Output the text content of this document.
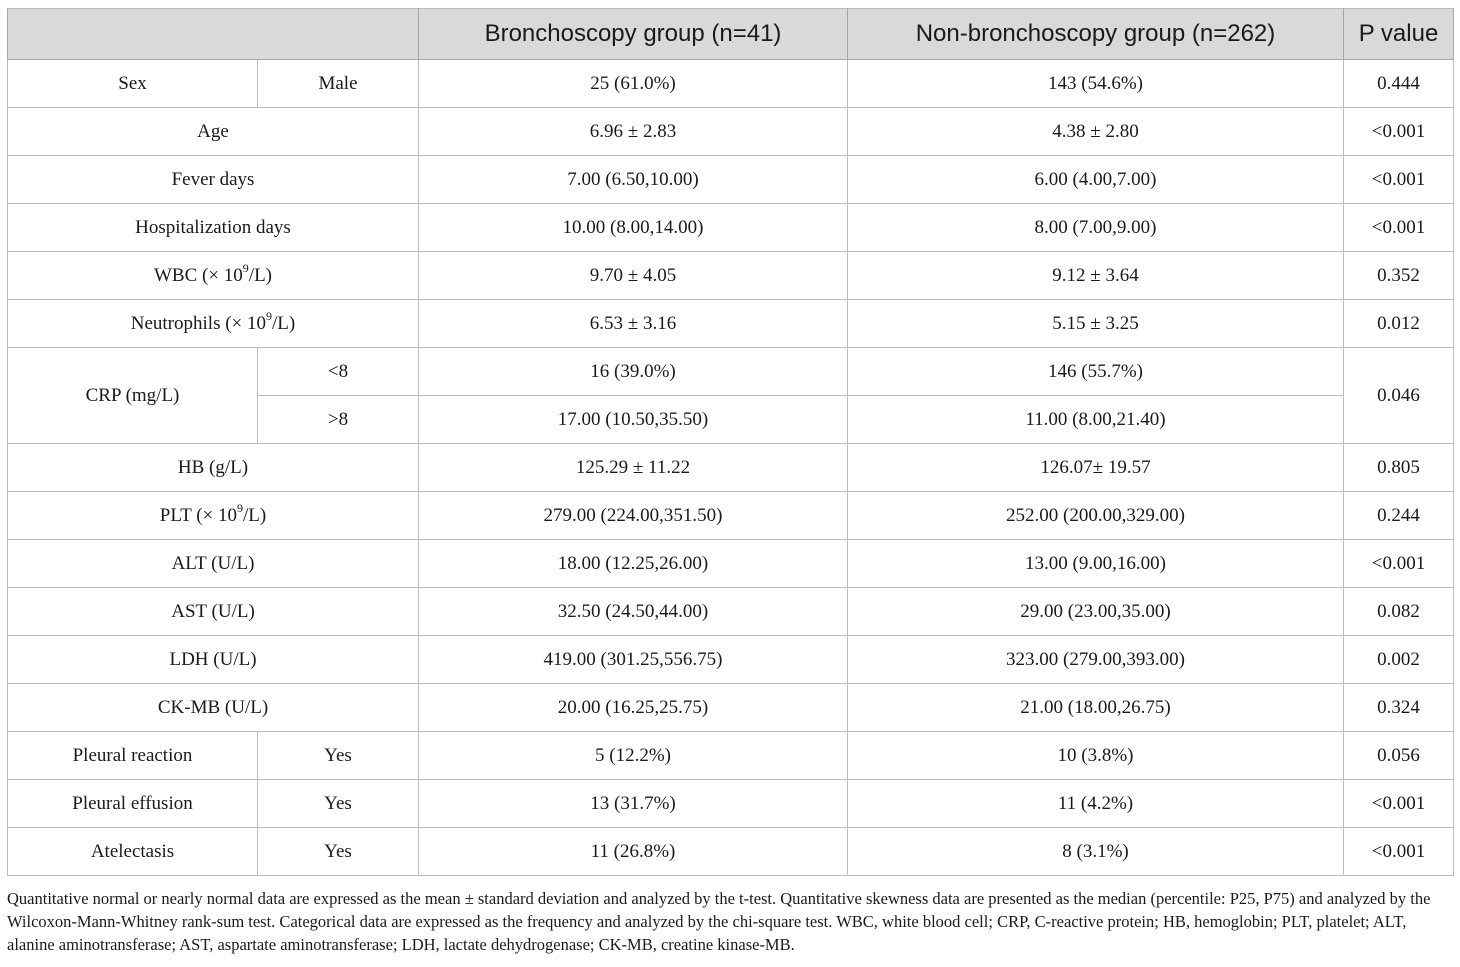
		Bronchoscopy group (n=41)	Non-bronchoscopy group (n=262)	P value
Sex	Male	25 (61.0%)	143 (54.6%)	0.444
Age		6.96 ± 2.83	4.38 ± 2.80	<0.001
Fever days		7.00 (6.50,10.00)	6.00 (4.00,7.00)	<0.001
Hospitalization days		10.00 (8.00,14.00)	8.00 (7.00,9.00)	<0.001
WBC (× $10^9/L$)		9.70 ± 4.05	9.12 ± 3.64	0.352
Neutrophils (× $10^9/L$)		6.53 ± 3.16	5.15 ± 3.25	0.012
CRP (mg/L)	<8	16 (39.0%)	146 (55.7%)	0.046
	>8	17.00 (10.50,35.50)	11.00 (8.00,21.40)	
HB (g/L)		125.29 ± 11.22	126.07± 19.57	0.805
PLT (× $10^9/L$)		279.00 (224.00,351.50)	252.00 (200.00,329.00)	0.244
ALT (U/L)		18.00 (12.25,26.00)	13.00 (9.00,16.00)	<0.001
AST (U/L)		32.50 (24.50,44.00)	29.00 (23.00,35.00)	0.082
LDH (U/L)		419.00 (301.25,556.75)	323.00 (279.00,393.00)	0.002
CK-MB (U/L)		20.00 (16.25,25.75)	21.00 (18.00,26.75)	0.324
Pleural reaction	Yes	5 (12.2%)	10 (3.8%)	0.056
Pleural effusion	Yes	13 (31.7%)	11 (4.2%)	<0.001
Atelectasis	Yes	11 (26.8%)	8 (3.1%)	<0.001
Quantitative normal or nearly normal data are expressed as the mean ± standard deviation and analyzed by the t-test. Quantitative skewness data are presented as the median (percentile: P25, P75) and analyzed by the Wilcoxon-Mann-Whitney rank-sum test. Categorical data are expressed as the frequency and analyzed by the chi-square test. WBC, white blood cell; CRP, C-reactive protein; HB, hemoglobin; PLT, platelet; ALT, alanine aminotransferase; AST, aspartate aminotransferase; LDH, lactate dehydrogenase; CK-MB, creatine kinase-MB.
